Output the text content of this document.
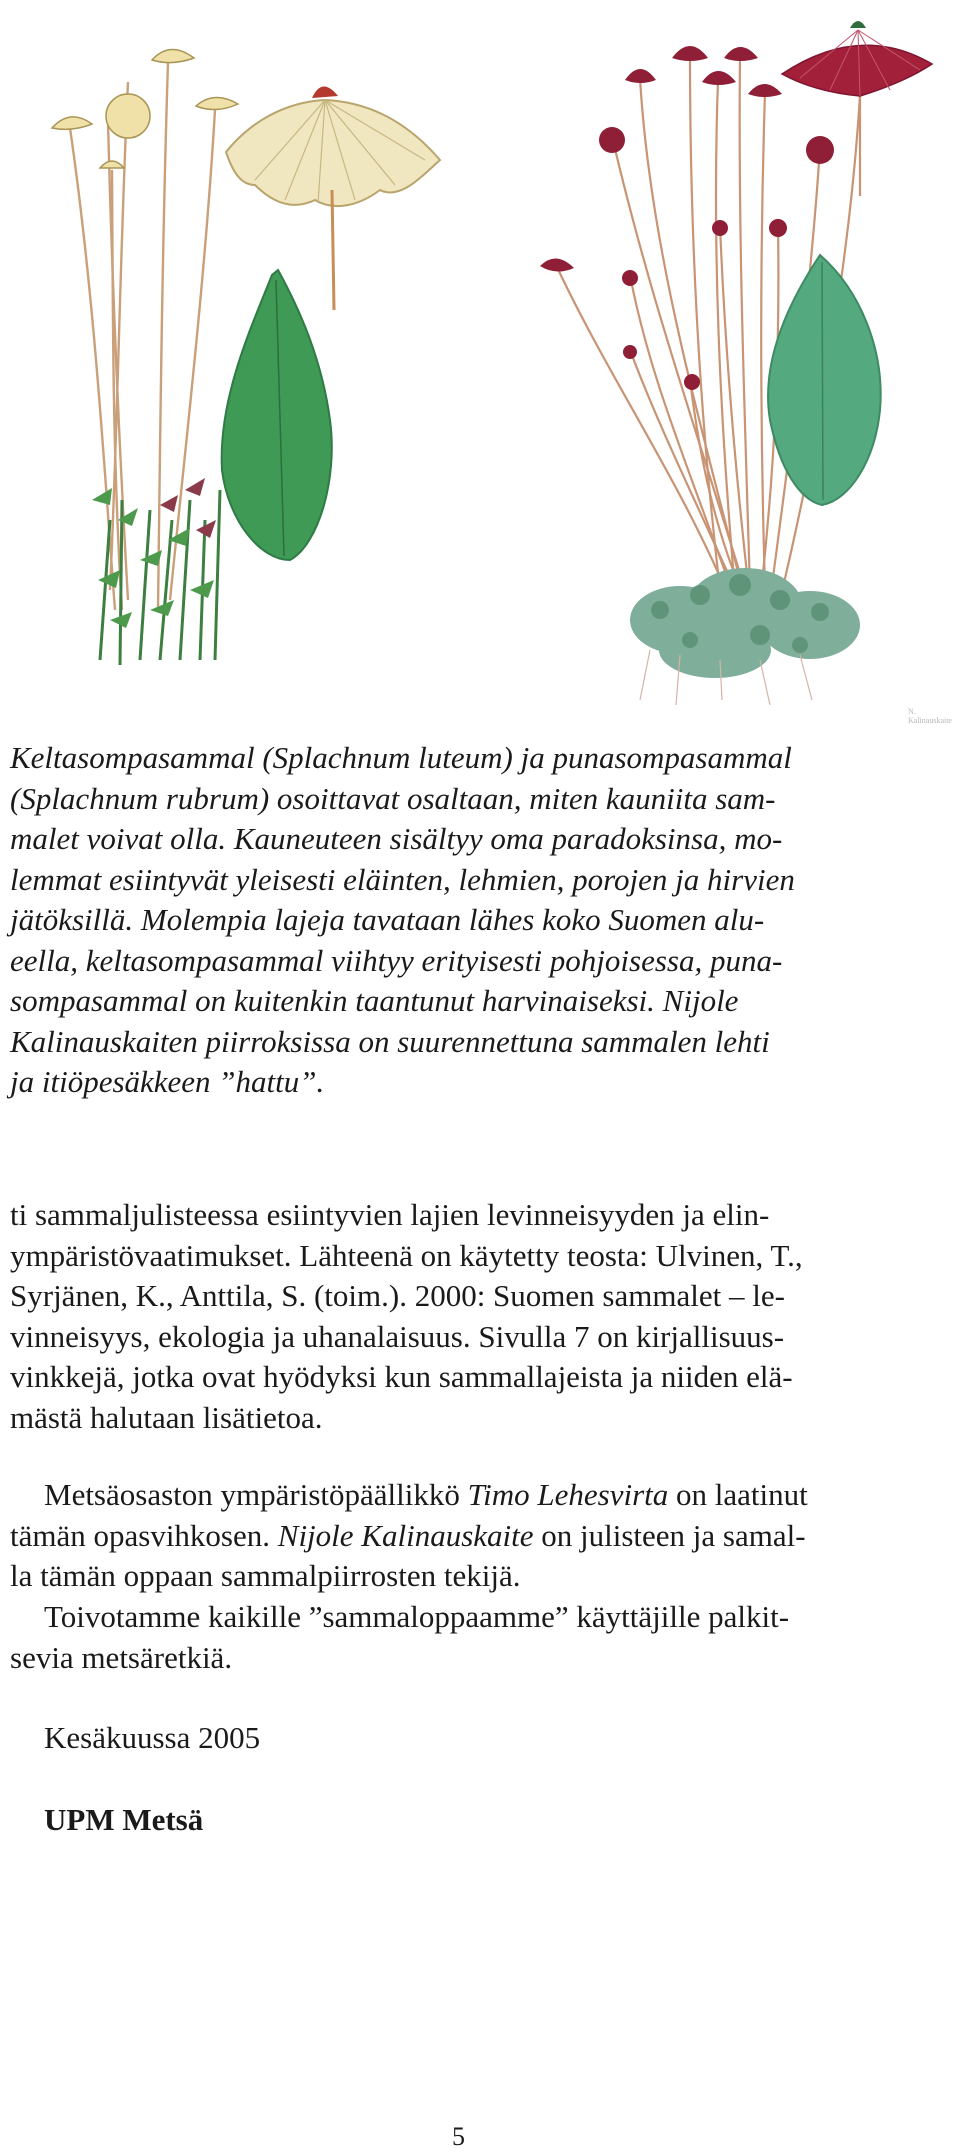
N. Kalinauskaite

Keltasompasammal (Splachnum luteum) ja punasompasammal
(Splachnum rubrum) osoittavat osaltaan, miten kauniita sam-
malet voivat olla. Kauneuteen sisältyy oma paradoksinsa, mo-
lemmat esiintyvät yleisesti eläinten, lehmien, porojen ja hirvien
jätöksillä. Molempia lajeja tavataan lähes koko Suomen alu-
eella, keltasompasammal viihtyy erityisesti pohjoisessa, puna-
sompasammal on kuitenkin taantunut harvinaiseksi. Nijole
Kalinauskaiten piirroksissa on suurennettuna sammalen lehti
ja itiöpesäkkeen ”hattu”.

ti sammaljulisteessa esiintyvien lajien levinneisyyden ja elin-
ympäristövaatimukset. Lähteenä on käytetty teosta: Ulvinen, T.,
Syrjänen, K., Anttila, S. (toim.). 2000: Suomen sammalet – le-
vinneisyys, ekologia ja uhanalaisuus. Sivulla 7 on kirjallisuus-
vinkkejä, jotka ovat hyödyksi kun sammallajeista ja niiden elä-
mästä halutaan lisätietoa.

Metsäosaston ympäristöpäällikkö Timo Lehesvirta on laatinut
tämän opasvihkosen. Nijole Kalinauskaite on julisteen ja samal-
la tämän oppaan sammalpiirrosten tekijä.

Toivotamme kaikille ”sammaloppaamme” käyttäjille palkit-
sevia metsäretkiä.

Kesäkuussa 2005

UPM Metsä

5
